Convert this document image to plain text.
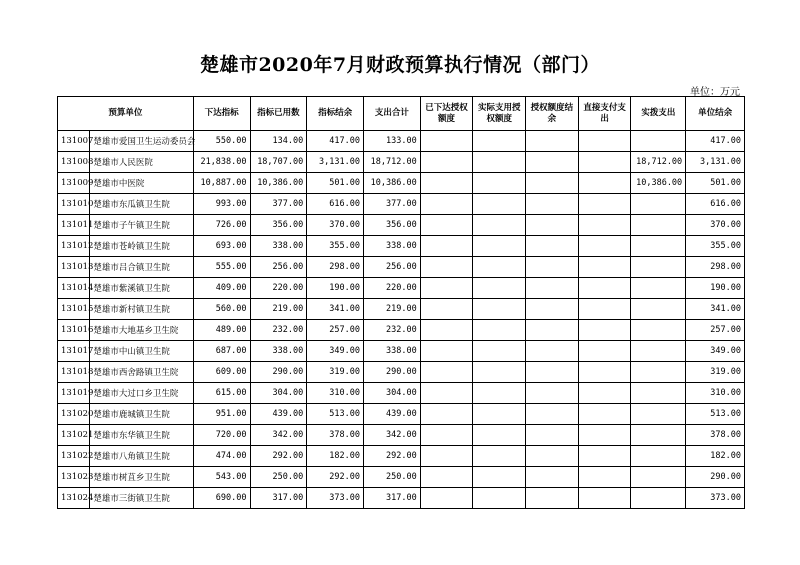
楚雄市2020年7月财政预算执行情况（部门）
单位：万元
预算单位		下达指标	指标已用数	指标结余	支出合计	已下达授权额度	实际支用授权额度	授权额度结余	直接支付支出	实拨支出	单位结余
131007	楚雄市爱国卫生运动委员会	550.00	134.00	417.00	133.00						417.00
131008	楚雄市人民医院	21,838.00	18,707.00	3,131.00	18,712.00					18,712.00	3,131.00
131009	楚雄市中医院	10,887.00	10,386.00	501.00	10,386.00					10,386.00	501.00
131010	楚雄市东瓜镇卫生院	993.00	377.00	616.00	377.00						616.00
131011	楚雄市子午镇卫生院	726.00	356.00	370.00	356.00						370.00
131012	楚雄市苍岭镇卫生院	693.00	338.00	355.00	338.00						355.00
131013	楚雄市吕合镇卫生院	555.00	256.00	298.00	256.00						298.00
131014	楚雄市紫溪镇卫生院	409.00	220.00	190.00	220.00						190.00
131015	楚雄市新村镇卫生院	560.00	219.00	341.00	219.00						341.00
131016	楚雄市大地基乡卫生院	489.00	232.00	257.00	232.00						257.00
131017	楚雄市中山镇卫生院	687.00	338.00	349.00	338.00						349.00
131018	楚雄市西舍路镇卫生院	609.00	290.00	319.00	290.00						319.00
131019	楚雄市大过口乡卫生院	615.00	304.00	310.00	304.00						310.00
131020	楚雄市鹿城镇卫生院	951.00	439.00	513.00	439.00						513.00
131021	楚雄市东华镇卫生院	720.00	342.00	378.00	342.00						378.00
131022	楚雄市八角镇卫生院	474.00	292.00	182.00	292.00						182.00
131023	楚雄市树苴乡卫生院	543.00	250.00	292.00	250.00						290.00
131024	楚雄市三街镇卫生院	690.00	317.00	373.00	317.00						373.00
